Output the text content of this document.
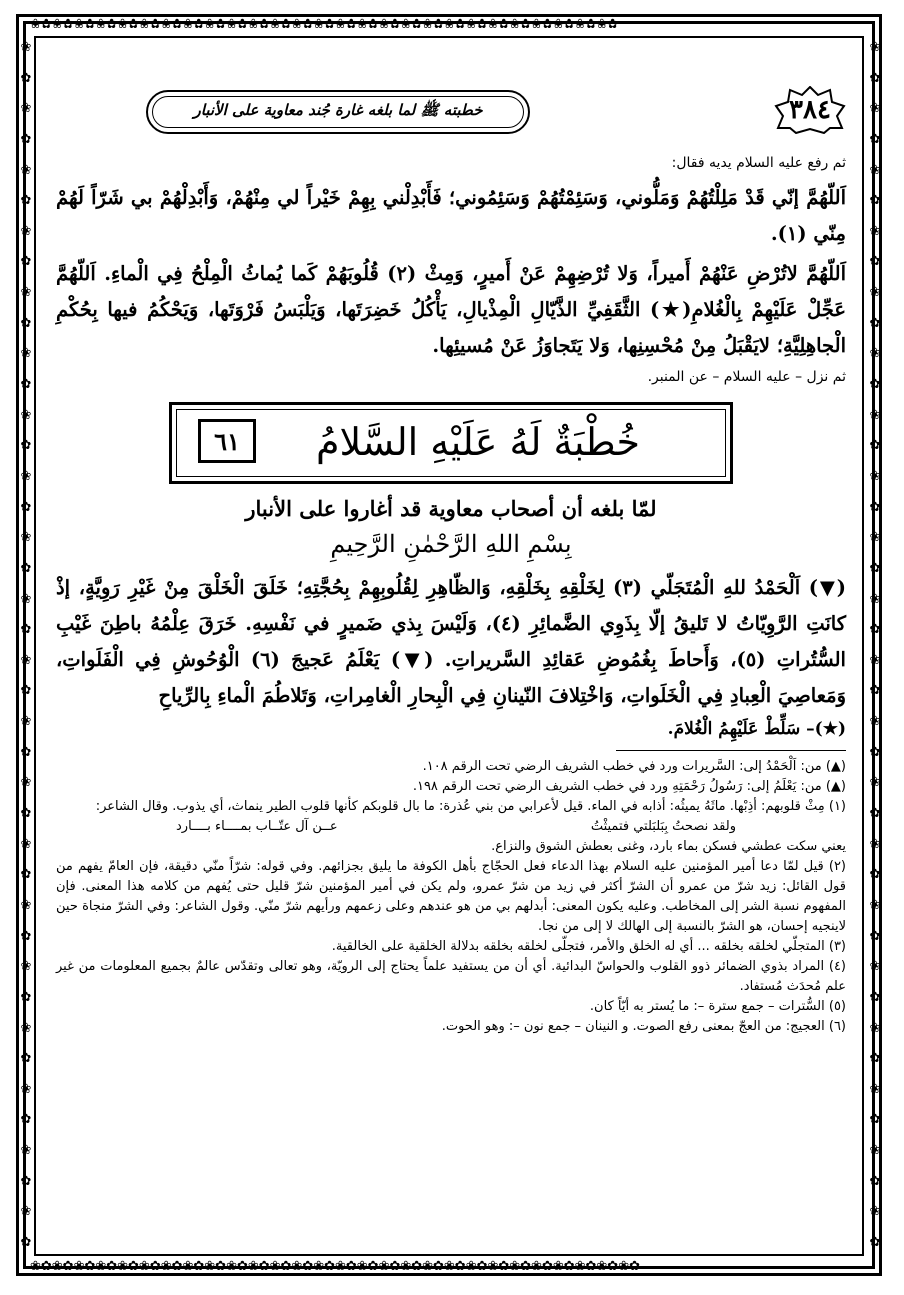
❀✿❀✿❀✿❀✿❀✿❀✿❀✿❀✿❀✿❀✿❀✿❀✿❀✿❀✿❀✿❀✿❀✿❀✿❀✿❀✿❀✿❀✿❀✿❀✿❀✿❀✿❀✿
❀✿❀✿❀✿❀✿❀✿❀✿❀✿❀✿❀✿❀✿❀✿❀✿❀✿❀✿❀✿❀✿❀✿❀✿❀✿❀✿❀✿❀✿❀✿❀✿❀✿❀✿❀✿❀✿
❀
✿
❀
✿
❀
✿
❀
✿
❀
✿
❀
✿
❀
✿
❀
✿
❀
✿
❀
✿
❀
✿
❀
✿
❀
✿
❀
✿
❀
✿
❀
✿
❀
✿
❀
✿
❀
✿
❀
✿
❀
✿
❀
✿
❀
✿
❀
✿
❀
✿
❀
✿
❀
✿
❀
✿
❀
✿
❀
✿
❀
✿
❀
✿
❀
✿
❀
✿
❀
✿
❀
✿
❀
✿
❀
✿
❀
✿
❀
✿
٣٨٤
خطبته ﷺ لما بلغه غارة جُند معاوية على الأنبار

ثم رفع عليه السلام يديه فقال:

اَللّهُمَّ إنّي قَدْ مَلِلْتُهُمْ وَمَلُّوني، وَسَئِمْتُهُمْ وَسَئِمُوني؛ فَأَبْدِلْني بِهِمْ خَيْراً لي مِنْهُمْ، وَأَبْدِلْهُمْ بي شَرّاً لَهُمْ مِنّي (١).

اَللّهُمَّ لاتُرْضِ عَنْهُمْ أَميراً، وَلا تُرْضِهِمْ عَنْ أَميرٍ، وَمِثْ (٢) قُلُوبَهُمْ كَما يُماثُ الْمِلْحُ فِي الْماءِ. اَللّهُمَّ عَجِّلْ عَلَيْهِمْ بِالْغُلامِ(★) الثَّقَفِيِّ الذَّيّالِ الْمِذْيالِ، يَأْكُلُ خَضِرَتَها، وَيَلْبَسُ فَرْوَتَها، وَيَحْكُمُ فيها بِحُكْمِ الْجاهِلِيَّةِ؛ لايَقْبَلُ مِنْ مُحْسِنِها، وَلا يَتَجاوَزُ عَنْ مُسيئِها.

ثم نزل – عليه السلام – عن المنبر.

خُطْبَةٌ لَهُ عَلَيْهِ السَّلامُ
٦١

لمّا بلغه أن أصحاب معاوية قد أغاروا على الأنبار

بِسْمِ اللهِ الرَّحْمٰنِ الرَّحِيمِ

(▼) اَلْحَمْدُ للهِ الْمُتَجَلّي (٣) لِخَلْقِهِ بِخَلْقِهِ، وَالظّاهِرِ لِقُلُوبِهِمْ بِحُجَّتِهِ؛ خَلَقَ الْخَلْقَ مِنْ غَيْرِ رَوِيَّةٍ، إذْ كانَتِ الرَّوِيّاتُ لا تَليقُ إلّا بِذَوِي الضَّمائِرِ (٤)، وَلَيْسَ بِذي ضَميرٍ في نَفْسِهِ. خَرَقَ عِلْمُهُ باطِنَ غَيْبِ السُّتُراتِ (٥)، وَأَحاطَ بِغُمُوضِ عَقائِدِ السَّريراتِ. (▼) يَعْلَمُ عَجيجَ (٦) الْوُحُوشِ فِي الْفَلَواتِ، وَمَعاصِيَ الْعِبادِ فِي الْخَلَواتِ، وَاخْتِلافَ النّينانِ فِي الْبِحارِ الْغامِراتِ، وَتَلاطُمَ الْماءِ بِالرِّياحِ

(★)– سَلِّطْ عَلَيْهِمُ الْغُلامَ.

(▲) من: اَلْحَمْدُ إلى: السَّريرات ورد في خطب الشريف الرضي تحت الرقم ١٠٨.

(▲) من: يَعْلَمُ إلى: رَسُولُ رَحْمَتِهِ ورد في خطب الشريف الرضي تحت الرقم ١٩٨.

(١) مِثْ قلوبهم: أذِبْها. ماثَهُ يميثُه: أذابه في الماء. قيل لأعرابي من بني عُذرة: ما بال قلوبكم كأنها قلوب الطير ينماث، أي يذوب. وقال الشاعر:

ولقد نصحتُ بِبَلبَلتي فتميثْتُ
عــن آل عتّــاب بمــــاء بــــارد

يعني سكت عطشي فسكن بماء بارد، وغنى بعطش الشوق والنزاع.

(٢) قيل لمّا دعا أمير المؤمنين عليه السلام بهذا الدعاء فعل الحجّاج بأهل الكوفة ما يليق بجزائهم. وفي قوله: شرّاً منّي دقيقة، فإن العامّ يفهم من قول القائل: زيد شرّ من عمرو أن الشرّ أكثر في زيد من شرّ عمرو، ولم يكن في أمير المؤمنين شرّ قليل حتى يُفهم من كلامه هذا المعنى. فإن المفهوم نسبة الشر إلى المخاطب. وعليه يكون المعنى: أبدلهم بي من هو عندهم وعلى زعمهم ورأيهم شرّ منّي. وقول الشاعر: وفي الشرّ منجاة حين لاينجيه إحسان، هو الشرّ بالنسبة إلى الهالك لا إلى من نجا.

(٣) المتجلّي لخلقه بخلقه ... أي له الخلق والأمر، فتجلّى لخلقه بخلقه بدلالة الخلقية على الخالقية.

(٤) المراد بذوي الضمائر ذوو القلوب والحواسّ البدائية. أي أن من يستفيد علماً يحتاج إلى الرويّة، وهو تعالى وتقدّس عالمٌ بجميع المعلومات من غير علم مُحدَث مُستفاد.

(٥) السُّترات – جمع سترة –: ما يُستر به أيّاً كان.

(٦) العجيج: من العجّ بمعنى رفع الصوت. و النينان – جمع نون –: وهو الحوت.
